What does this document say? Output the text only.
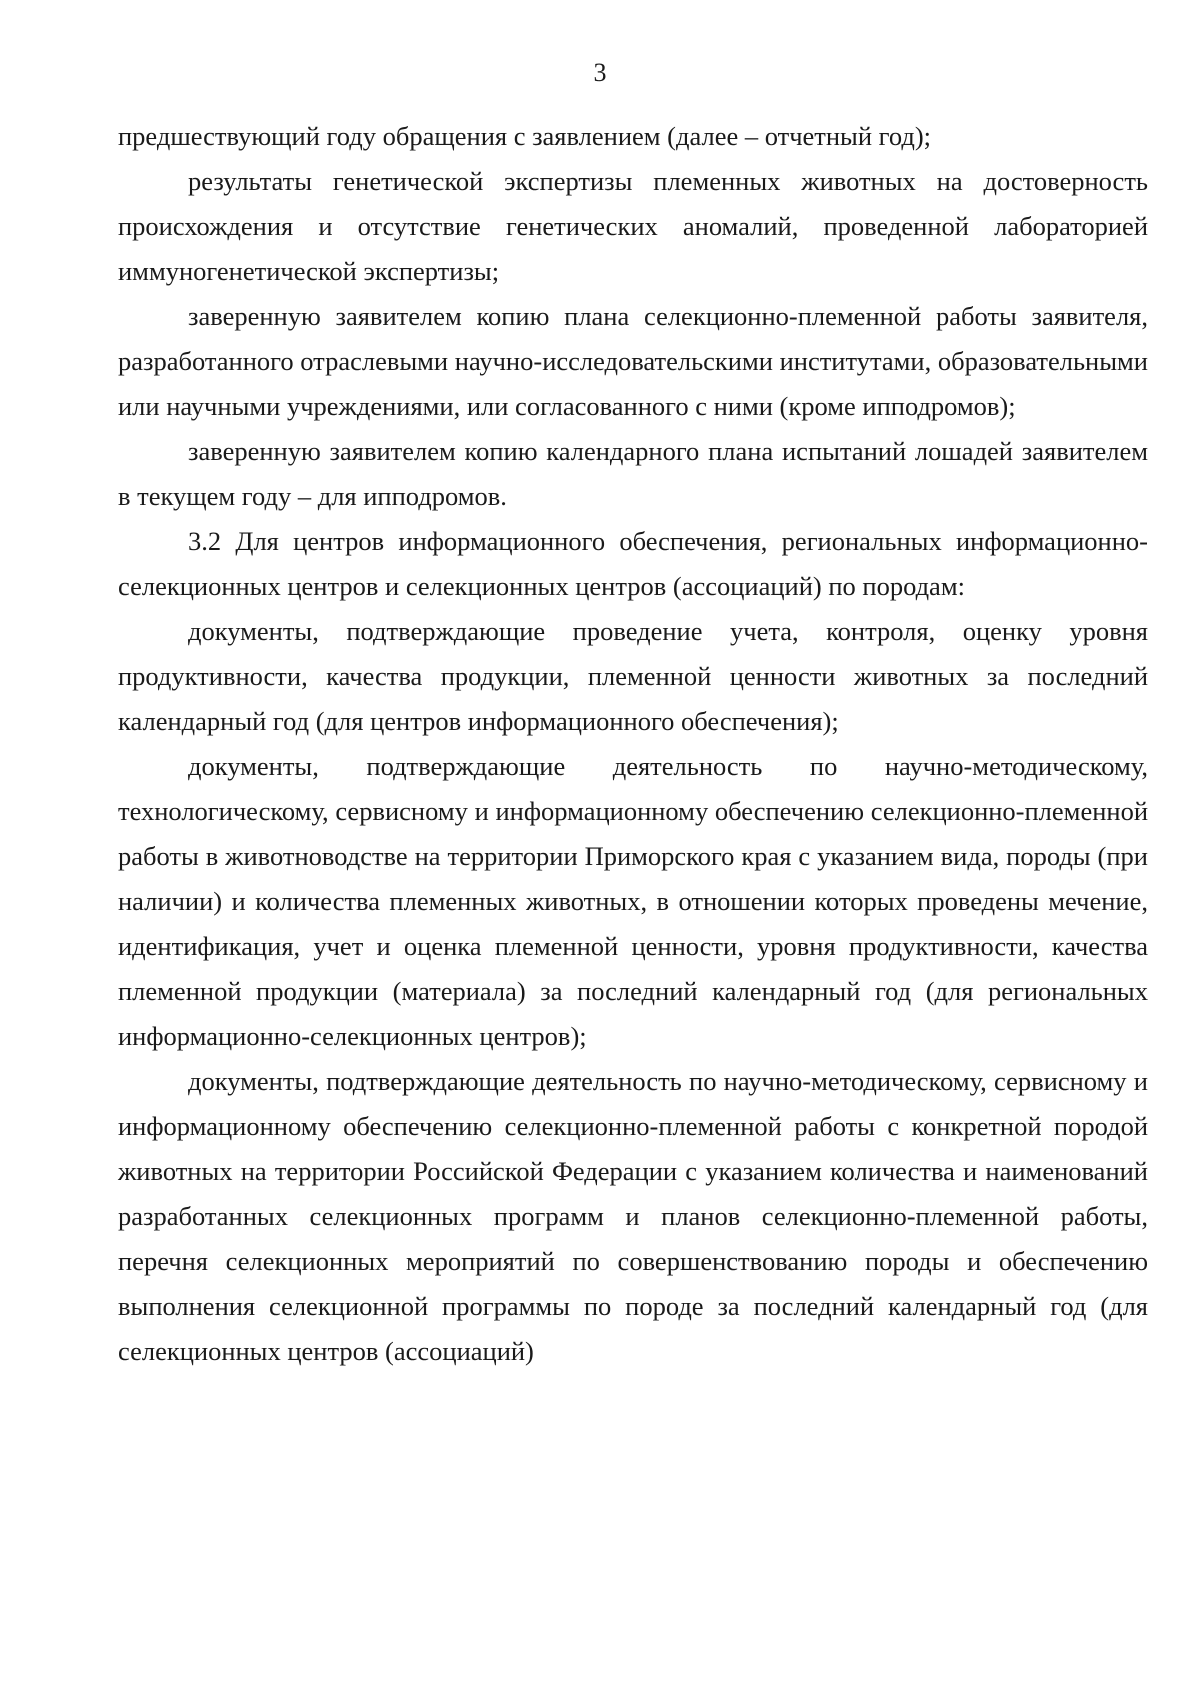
3

предшествующий году обращения с заявлением (далее – отчетный год);

результаты генетической экспертизы племенных животных на достоверность происхождения и отсутствие генетических аномалий, проведенной лабораторией иммуногенетической экспертизы;

заверенную заявителем копию плана селекционно-племенной работы заявителя, разработанного отраслевыми научно-исследовательскими институтами, образовательными или научными учреждениями, или согласованного с ними (кроме ипподромов);

заверенную заявителем копию календарного плана испытаний лошадей заявителем в текущем году – для ипподромов.

3.2 Для центров информационного обеспечения, региональных информационно-селекционных центров и селекционных центров (ассоциаций) по породам:

документы, подтверждающие проведение учета, контроля, оценку уровня продуктивности, качества продукции, племенной ценности животных за последний календарный год (для центров информационного обеспечения);

документы, подтверждающие деятельность по научно-методическому, технологическому, сервисному и информационному обеспечению селекционно-племенной работы в животноводстве на территории Приморского края с указанием вида, породы (при наличии) и количества племенных животных, в отношении которых проведены мечение, идентификация, учет и оценка племенной ценности, уровня продуктивности, качества племенной продукции (материала) за последний календарный год (для региональных информационно-селекционных центров);

документы, подтверждающие деятельность по научно-методическому, сервисному и информационному обеспечению селекционно-племенной работы с конкретной породой животных на территории Российской Федерации с указанием количества и наименований разработанных селекционных программ и планов селекционно-племенной работы, перечня селекционных мероприятий по совершенствованию породы и обеспечению выполнения селекционной программы по породе за последний календарный год (для селекционных центров (ассоциаций)
